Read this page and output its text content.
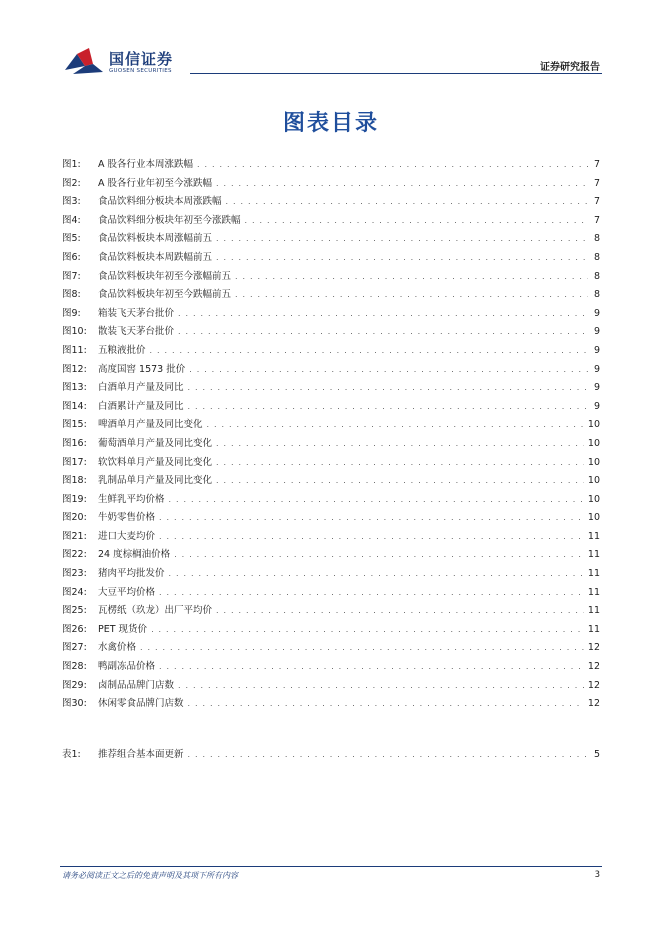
国信证券
GUOSEN SECURITIES	证券研究报告
图表目录
图1:	A 股各行业本周涨跌幅 . . .	7
图2:	A 股各行业年初至今涨跌幅 . . .	7
图3:	食品饮料细分板块本周涨跌幅 . . .	7
图4:	食品饮料细分板块年初至今涨跌幅 . . .	7
图5:	食品饮料板块本周涨幅前五 . . .	8
图6:	食品饮料板块本周跌幅前五 . . .	8
图7:	食品饮料板块年初至今涨幅前五 . . .	8
图8:	食品饮料板块年初至今跌幅前五 . . .	8
图9:	箱装飞天茅台批价 . . .	9
图10:	散装飞天茅台批价 . . .	9
图11:	五粮液批价 . . .	9
图12:	高度国窖 1573 批价 . . .	9
图13:	白酒单月产量及同比 . . .	9
图14:	白酒累计产量及同比 . . .	9
图15:	啤酒单月产量及同比变化 . . .	10
图16:	葡萄酒单月产量及同比变化 . . .	10
图17:	软饮料单月产量及同比变化 . . .	10
图18:	乳制品单月产量及同比变化 . . .	10
图19:	生鲜乳平均价格 . . .	10
图20:	牛奶零售价格 . . .	10
图21:	进口大麦均价 . . .	11
图22:	24 度棕榈油价格 . . .	11
图23:	猪肉平均批发价 . . .	11
图24:	大豆平均价格 . . .	11
图25:	瓦楞纸（玖龙）出厂平均价 . . .	11
图26:	PET 现货价 . . .	11
图27:	水禽价格 . . .	12
图28:	鸭副冻品价格 . . .	12
图29:	卤制品品牌门店数 . . .	12
图30:	休闲零食品牌门店数 . . .	12
表1:	推荐组合基本面更新 . . .	5
请务必阅读正文之后的免责声明及其项下所有内容	3
